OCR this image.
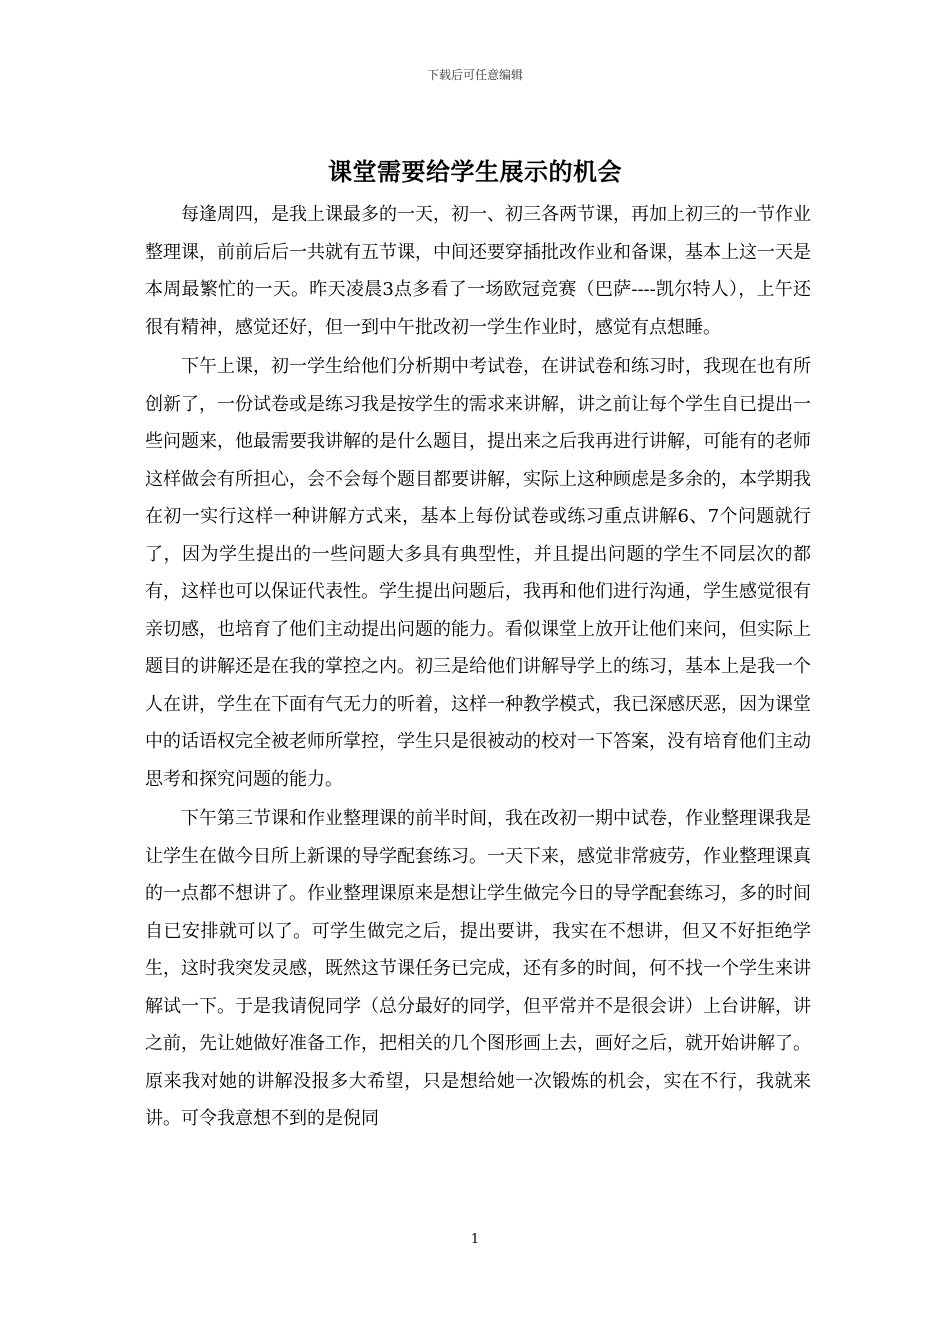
下载后可任意编辑
课堂需要给学生展示的机会

每逢周四，是我上课最多的一天，初一、初三各两节课，再加上初三的一节作业整理课，前前后后一共就有五节课，中间还要穿插批改作业和备课，基本上这一天是本周最繁忙的一天。昨天凌晨3点多看了一场欧冠竞赛（巴萨----凯尔特人），上午还很有精神，感觉还好，但一到中午批改初一学生作业时，感觉有点想睡。

下午上课，初一学生给他们分析期中考试卷，在讲试卷和练习时，我现在也有所创新了，一份试卷或是练习我是按学生的需求来讲解，讲之前让每个学生自已提出一些问题来，他最需要我讲解的是什么题目，提出来之后我再进行讲解，可能有的老师这样做会有所担心，会不会每个题目都要讲解，实际上这种顾虑是多余的，本学期我在初一实行这样一种讲解方式来，基本上每份试卷或练习重点讲解6、7个问题就行了，因为学生提出的一些问题大多具有典型性，并且提出问题的学生不同层次的都有，这样也可以保证代表性。学生提出问题后，我再和他们进行沟通，学生感觉很有亲切感，也培育了他们主动提出问题的能力。看似课堂上放开让他们来问，但实际上题目的讲解还是在我的掌控之内。初三是给他们讲解导学上的练习，基本上是我一个人在讲，学生在下面有气无力的听着，这样一种教学模式，我已深感厌恶，因为课堂中的话语权完全被老师所掌控，学生只是很被动的校对一下答案，没有培育他们主动思考和探究问题的能力。

下午第三节课和作业整理课的前半时间，我在改初一期中试卷，作业整理课我是让学生在做今日所上新课的导学配套练习。一天下来，感觉非常疲劳，作业整理课真的一点都不想讲了。作业整理课原来是想让学生做完今日的导学配套练习，多的时间自已安排就可以了。可学生做完之后，提出要讲，我实在不想讲，但又不好拒绝学生，这时我突发灵感，既然这节课任务已完成，还有多的时间，何不找一个学生来讲解试一下。于是我请倪同学（总分最好的同学，但平常并不是很会讲）上台讲解，讲之前，先让她做好准备工作，把相关的几个图形画上去，画好之后，就开始讲解了。原来我对她的讲解没报多大希望，只是想给她一次锻炼的机会，实在不行，我就来讲。可令我意想不到的是倪同

1
